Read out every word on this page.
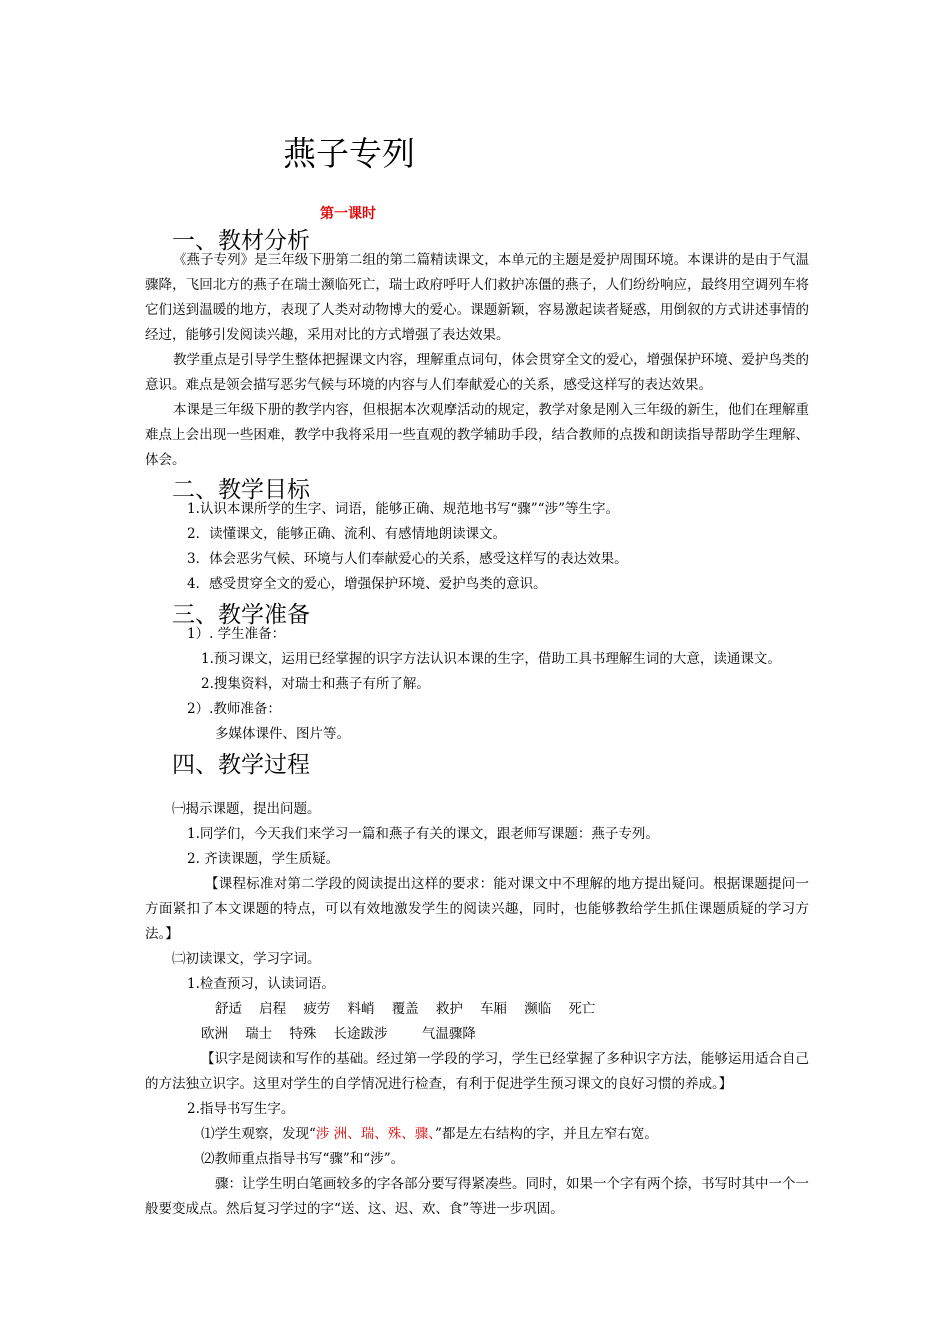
燕子专列
第一课时
一、教材分析
《燕子专列》是三年级下册第二组的第二篇精读课文，本单元的主题是爱护周围环境。本课讲的是由于气温骤降，飞回北方的燕子在瑞士濒临死亡，瑞士政府呼吁人们救护冻僵的燕子，人们纷纷响应，最终用空调列车将它们送到温暖的地方，表现了人类对动物博大的爱心。课题新颖，容易激起读者疑惑，用倒叙的方式讲述事情的经过，能够引发阅读兴趣，采用对比的方式增强了表达效果。
教学重点是引导学生整体把握课文内容，理解重点词句，体会贯穿全文的爱心，增强保护环境、爱护鸟类的意识。难点是领会描写恶劣气候与环境的内容与人们奉献爱心的关系，感受这样写的表达效果。
本课是三年级下册的教学内容，但根据本次观摩活动的规定，教学对象是刚入三年级的新生，他们在理解重难点上会出现一些困难，教学中我将采用一些直观的教学辅助手段，结合教师的点拨和朗读指导帮助学生理解、体会。
二、教学目标
1.认识本课所学的生字、词语，能够正确、规范地书写“骤”“涉”等生字。
2．读懂课文，能够正确、流利、有感情地朗读课文。
3．体会恶劣气候、环境与人们奉献爱心的关系，感受这样写的表达效果。
4．感受贯穿全文的爱心，增强保护环境、爱护鸟类的意识。
三、教学准备
1）. 学生准备：
1.预习课文，运用已经掌握的识字方法认识本课的生字，借助工具书理解生词的大意，读通课文。
2.搜集资料，对瑞士和燕子有所了解。
2）.教师准备：
多媒体课件、图片等。
四、教学过程
㈠揭示课题，提出问题。
1.同学们，今天我们来学习一篇和燕子有关的课文，跟老师写课题：燕子专列。
2. 齐读课题，学生质疑。
【课程标准对第二学段的阅读提出这样的要求：能对课文中不理解的地方提出疑问。根据课题提问一方面紧扣了本文课题的特点，可以有效地激发学生的阅读兴趣，同时，也能够教给学生抓住课题质疑的学习方法。】
㈡初读课文，学习字词。
1.检查预习，认读词语。
舒适 启程 疲劳 料峭 覆盖 救护 车厢 濒临 死亡
欧洲 瑞士 特殊 长途跋涉	气温骤降
【识字是阅读和写作的基础。经过第一学段的学习，学生已经掌握了多种识字方法，能够运用适合自己的方法独立识字。这里对学生的自学情况进行检查，有利于促进学生预习课文的良好习惯的养成。】
2.指导书写生字。
⑴学生观察，发现“涉 洲、瑞、殊、骤、”都是左右结构的字，并且左窄右宽。
⑵教师重点指导书写“骤”和“涉”。
骤：让学生明白笔画较多的字各部分要写得紧凑些。同时，如果一个字有两个捺，书写时其中一个一般要变成点。然后复习学过的字“送、这、迟、欢、食”等进一步巩固。
